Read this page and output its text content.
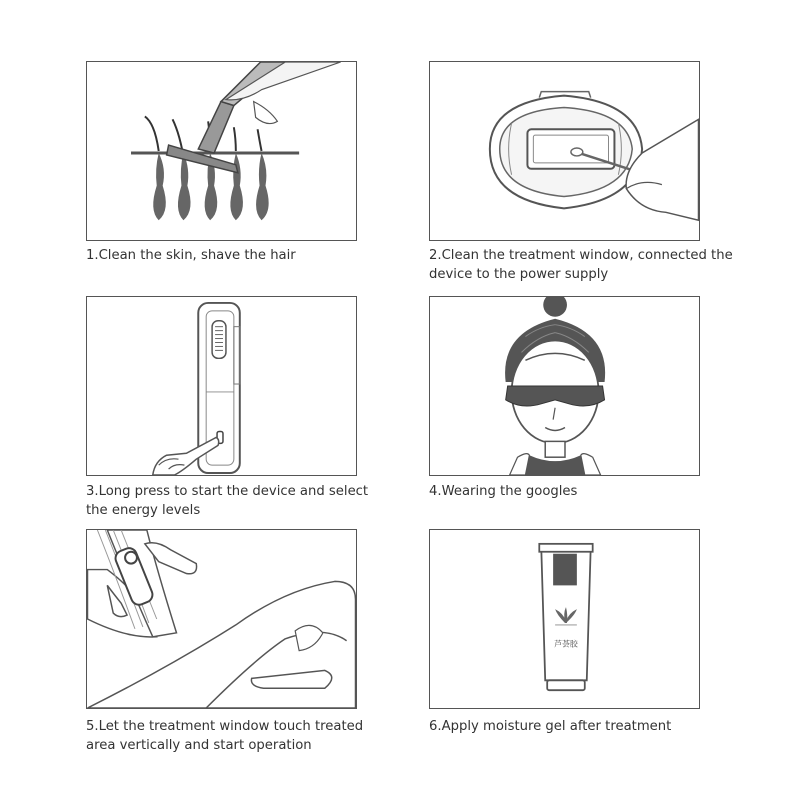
1.Clean the skin, shave the hair	2.Clean the treatment window, connected the device to the power supply
3.Long press to start the device and select the energy levels
4.Wearing the googles
5.Let the treatment window touch treated area vertically and start operation
芦荟胶
6.Apply moisture gel after treatment
